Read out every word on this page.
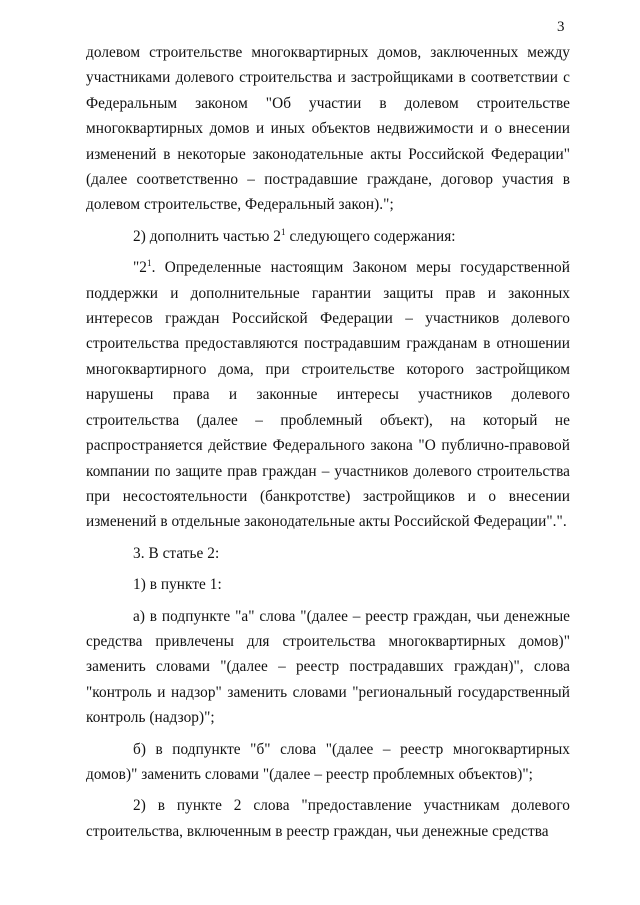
3

долевом строительстве многоквартирных домов, заключенных между участниками долевого строительства и застройщиками в соответствии с Федеральным законом "Об участии в долевом строительстве многоквартирных домов и иных объектов недвижимости и о внесении изменений в некоторые законодательные акты Российской Федерации" (далее соответственно – пострадавшие граждане, договор участия в долевом строительстве, Федеральный закон).";

2) дополнить частью $2^1$ следующего содержания:

"$2^1$. Определенные настоящим Законом меры государственной поддержки и дополнительные гарантии защиты прав и законных интересов граждан Российской Федерации – участников долевого строительства предоставляются пострадавшим гражданам в отношении многоквартирного дома, при строительстве которого застройщиком нарушены права и законные интересы участников долевого строительства (далее – проблемный объект), на который не распространяется действие Федерального закона "О публично-правовой компании по защите прав граждан – участников долевого строительства при несостоятельности (банкротстве) застройщиков и о внесении изменений в отдельные законодательные акты Российской Федерации".".

3. В статье 2:

1) в пункте 1:

а) в подпункте "а" слова "(далее – реестр граждан, чьи денежные средства привлечены для строительства многоквартирных домов)" заменить словами "(далее – реестр пострадавших граждан)", слова "контроль и надзор" заменить словами "региональный государственный контроль (надзор)";

б) в подпункте "б" слова "(далее – реестр многоквартирных домов)" заменить словами "(далее – реестр проблемных объектов)";

2) в пункте 2 слова "предоставление участникам долевого строительства, включенным в реестр граждан, чьи денежные средства
